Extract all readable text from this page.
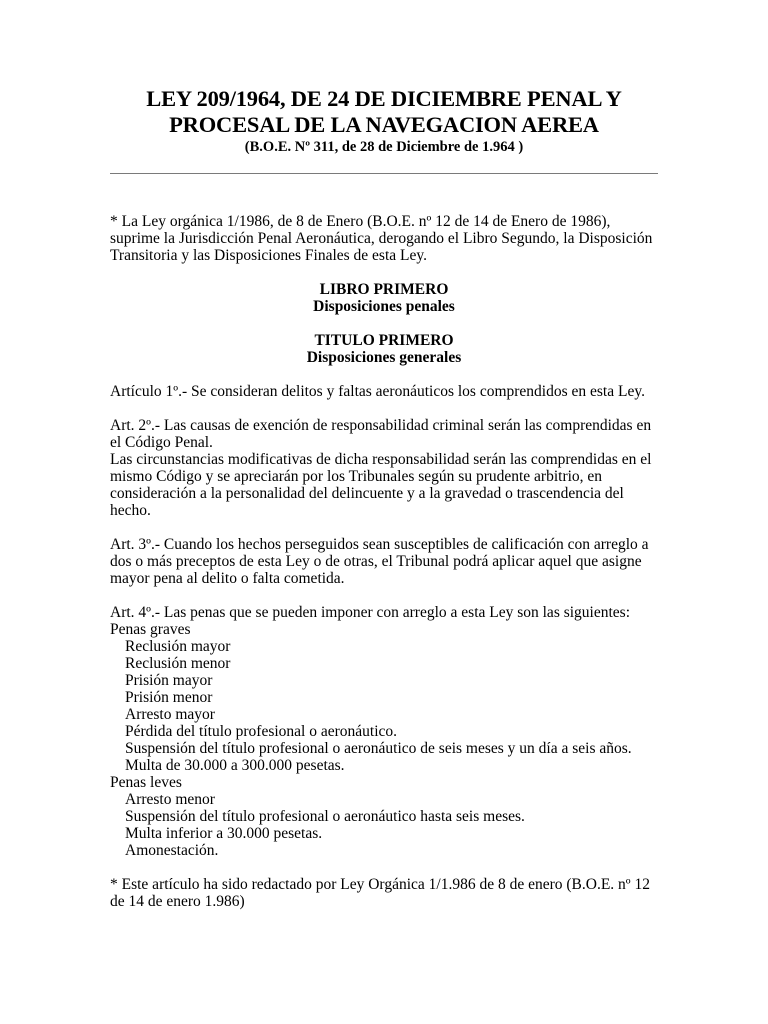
LEY 209/1964, DE 24 DE DICIEMBRE PENAL Y
PROCESAL DE LA NAVEGACION AEREA
(B.O.E. Nº 311, de 28 de Diciembre de 1.964 )

* La Ley orgánica 1/1986, de 8 de Enero (B.O.E. nº 12 de 14 de Enero de 1986), suprime la Jurisdicción Penal Aeronáutica, derogando el Libro Segundo, la Disposición Transitoria y las Disposiciones Finales de esta Ley.

LIBRO PRIMERO
Disposiciones penales
TITULO PRIMERO
Disposiciones generales

Artículo 1º.- Se consideran delitos y faltas aeronáuticos los comprendidos en esta Ley.

Art. 2º.- Las causas de exención de responsabilidad criminal serán las comprendidas en el Código Penal.

Las circunstancias modificativas de dicha responsabilidad serán las comprendidas en el mismo Código y se apreciarán por los Tribunales según su prudente arbitrio, en consideración a la personalidad del delincuente y a la gravedad o trascendencia del hecho.

Art. 3º.- Cuando los hechos perseguidos sean susceptibles de calificación con arreglo a dos o más preceptos de esta Ley o de otras, el Tribunal podrá aplicar aquel que asigne mayor pena al delito o falta cometida.

Art. 4º.- Las penas que se pueden imponer con arreglo a esta Ley son las siguientes:

Penas graves

Reclusión mayor

Reclusión menor

Prisión mayor

Prisión menor

Arresto mayor

Pérdida del título profesional o aeronáutico.

Suspensión del título profesional o aeronáutico de seis meses y un día a seis años.

Multa de 30.000 a 300.000 pesetas.

Penas leves

Arresto menor

Suspensión del título profesional o aeronáutico hasta seis meses.

Multa inferior a 30.000 pesetas.

Amonestación.

* Este artículo ha sido redactado por Ley Orgánica 1/1.986 de 8 de enero (B.O.E. nº 12 de 14 de enero 1.986)
